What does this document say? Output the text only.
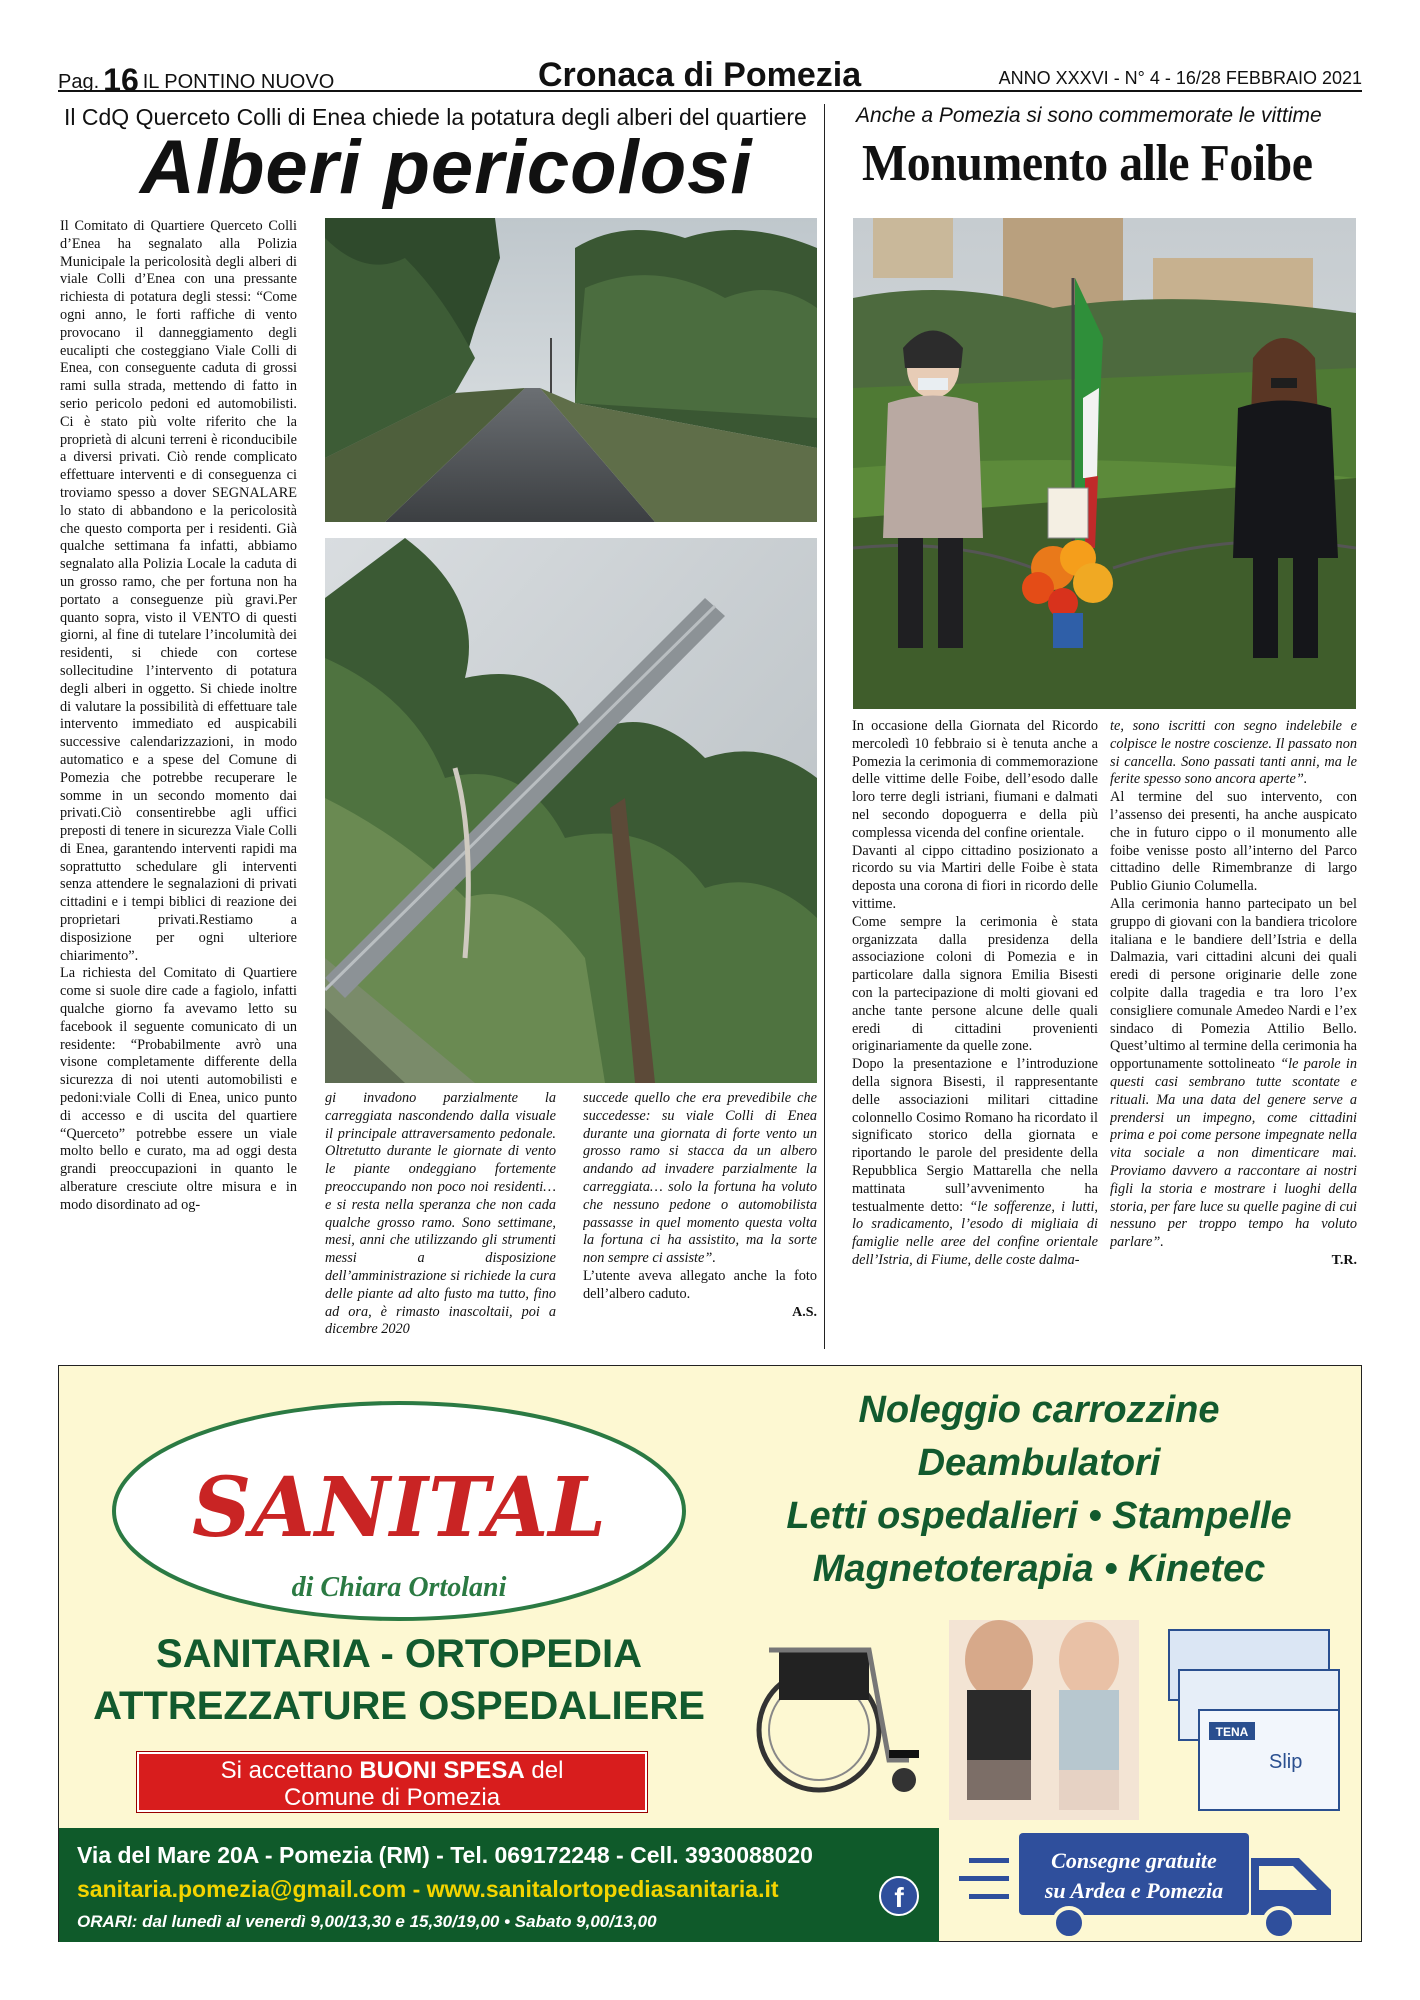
Pag. 16 IL PONTINO NUOVO	Cronaca di Pomezia	ANNO XXXVI - N° 4 - 16/28 FEBBRAIO 2021
Il CdQ Querceto Colli di Enea chiede la potatura degli alberi del quartiere
Alberi pericolosi

Il Comitato di Quartiere Querceto Colli d’Enea ha segnalato alla Polizia Municipale la pericolosità degli alberi di viale Colli d’Enea con una pressante richiesta di potatura degli stessi: “Come ogni anno, le forti raffiche di vento provocano il danneggiamento degli eucalipti che costeggiano Viale Colli di Enea, con conseguente caduta di grossi rami sulla strada, mettendo di fatto in serio pericolo pedoni ed automobilisti. Ci è stato più volte riferito che la proprietà di alcuni terreni è riconducibile a diversi privati. Ciò rende complicato effettuare interventi e di conseguenza ci troviamo spesso a dover SEGNALARE lo stato di abbandono e la pericolosità che questo comporta per i residenti. Già qualche settimana fa infatti, abbiamo segnalato alla Polizia Locale la caduta di un grosso ramo, che per fortuna non ha portato a conseguenze più gravi.Per quanto sopra, visto il VENTO di questi giorni, al fine di tutelare l’incolumità dei residenti, si chiede con cortese sollecitudine l’intervento di potatura degli alberi in oggetto. Si chiede inoltre di valutare la possibilità di effettuare tale intervento immediato ed auspicabili successive calendarizzazioni, in modo automatico e a spese del Comune di Pomezia che potrebbe recuperare le somme in un secondo momento dai privati.Ciò consentirebbe agli uffici preposti di tenere in sicurezza Viale Colli di Enea, garantendo interventi rapidi ma soprattutto schedulare gli interventi senza attendere le segnalazioni di privati cittadini e i tempi biblici di reazione dei proprietari privati.Restiamo a disposizione per ogni ulteriore chiarimento”.

La richiesta del Comitato di Quartiere come si suole dire cade a fagiolo, infatti qualche giorno fa avevamo letto su facebook il seguente comunicato di un residente: “Probabilmente avrò una visone completamente differente della sicurezza di noi utenti automobilisti e pedoni:viale Colli di Enea, unico punto di accesso e di uscita del quartiere “Querceto” potrebbe essere un viale molto bello e curato, ma ad oggi desta grandi preoccupazioni in quanto le alberature cresciute oltre misura e in modo disordinato ad og-

gi invadono parzialmente la carreggiata nascondendo dalla visuale il principale attraversamento pedonale. Oltretutto durante le giornate di vento le piante ondeggiano fortemente preoccupando non poco noi residenti… e si resta nella speranza che non cada qualche grosso ramo. Sono settimane, mesi, anni che utilizzando gli strumenti messi a disposizione dell’amministrazione si richiede la cura delle piante ad alto fusto ma tutto, fino ad ora, è rimasto inascoltaii, poi a dicembre 2020

succede quello che era prevedibile che succedesse: su viale Colli di Enea durante una giornata di forte vento un grosso ramo si stacca da un albero andando ad invadere parzialmente la carreggiata… solo la fortuna ha voluto che nessuno pedone o automobilista passasse in quel momento questa volta la fortuna ci ha assistito, ma la sorte non sempre ci assiste”.

L’utente aveva allegato anche la foto dell’albero caduto.

A.S.

Anche a Pomezia si sono commemorate le vittime
Monumento alle Foibe

In occasione della Giornata del Ricordo mercoledì 10 febbraio si è tenuta anche a Pomezia la cerimonia di commemorazione delle vittime delle Foibe, dell’esodo dalle loro terre degli istriani, fiumani e dalmati nel secondo dopoguerra e della più complessa vicenda del confine orientale.

Davanti al cippo cittadino posizionato a ricordo su via Martiri delle Foibe è stata deposta una corona di fiori in ricordo delle vittime.

Come sempre la cerimonia è stata organizzata dalla presidenza della associazione coloni di Pomezia e in particolare dalla signora Emilia Bisesti con la partecipazione di molti giovani ed anche tante persone alcune delle quali eredi di cittadini provenienti originariamente da quelle zone.

Dopo la presentazione e l’introduzione della signora Bisesti, il rappresentante delle associazioni militari cittadine colonnello Cosimo Romano ha ricordato il significato storico della giornata e riportando le parole del presidente della Repubblica Sergio Mattarella che nella mattinata sull’avvenimento ha testualmente detto: “le sofferenze, i lutti, lo sradicamento, l’esodo di migliaia di famiglie nelle aree del confine orientale dell’Istria, di Fiume, delle coste dalma-

te, sono iscritti con segno indelebile e colpisce le nostre coscienze. Il passato non si cancella. Sono passati tanti anni, ma le ferite spesso sono ancora aperte”.

Al termine del suo intervento, con l’assenso dei presenti, ha anche auspicato che in futuro cippo o il monumento alle foibe venisse posto all’interno del Parco cittadino delle Rimembranze di largo Publio Giunio Columella.

Alla cerimonia hanno partecipato un bel gruppo di giovani con la bandiera tricolore italiana e le bandiere dell’Istria e della Dalmazia, vari cittadini alcuni dei quali eredi di persone originarie delle zone colpite dalla tragedia e tra loro l’ex consigliere comunale Amedeo Nardi e l’ex sindaco di Pomezia Attilio Bello. Quest’ultimo al termine della cerimonia ha opportunamente sottolineato “le parole in questi casi sembrano tutte scontate e rituali. Ma una data del genere serve a prendersi un impegno, come cittadini prima e poi come persone impegnate nella vita sociale a non dimenticare mai. Proviamo davvero a raccontare ai nostri figli la storia e mostrare i luoghi della storia, per fare luce su quelle pagine di cui nessuno per troppo tempo ha voluto parlare”.

T.R.

SANITAL
di Chiara Ortolani
SANITARIA - ORTOPEDIA
ATTREZZATURE OSPEDALIERE
Si accettano BUONI SPESA del
Comune di Pomezia
Noleggio carrozzine
Deambulatori
Letti ospedalieri • Stampelle
Magnetoterapia • Kinetec
TENA
Slip
Via del Mare 20A - Pomezia (RM) - Tel. 069172248 - Cell. 3930088020
sanitaria.pomezia@gmail.com - www.sanitalortopediasanitaria.it
ORARI: dal lunedì al venerdì 9,00/13,30 e 15,30/19,00 • Sabato 9,00/13,00
f
Consegne gratuite
su Ardea e Pomezia
